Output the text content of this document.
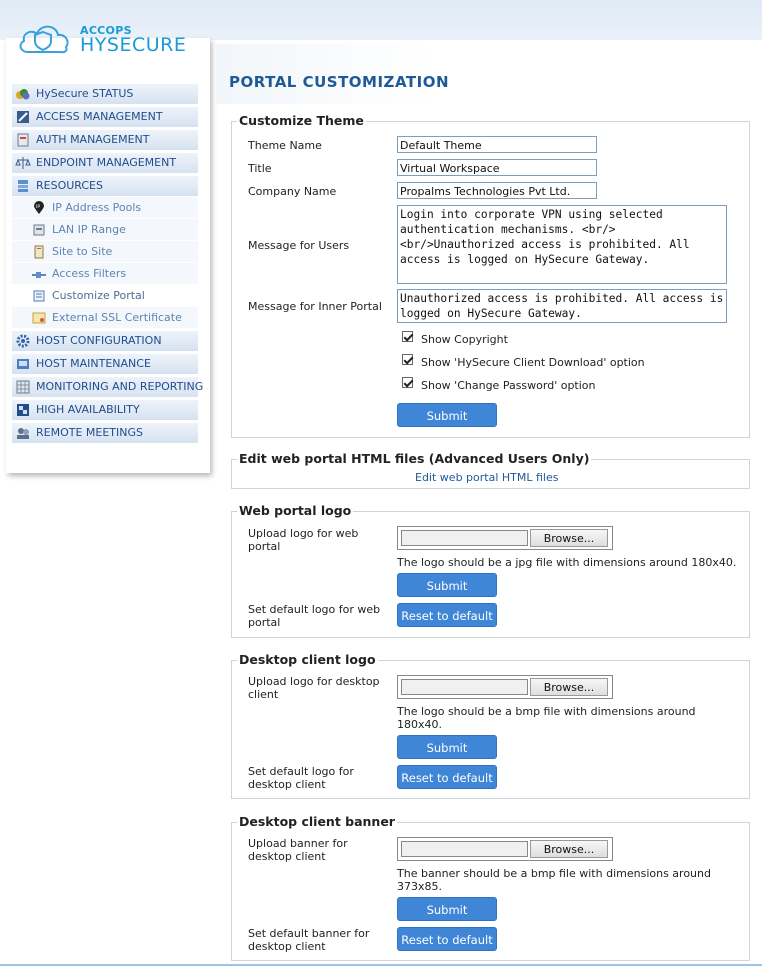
ACCOPS
HYSECURE
HySecure STATUS
ACCESS MANAGEMENT
AUTH MANAGEMENT
ENDPOINT MANAGEMENT
RESOURCES
IP IP Address Pools
LAN IP Range
Site to Site
Access Filters
Customize Portal
External SSL Certificate
HOST CONFIGURATION
HOST MAINTENANCE
MONITORING AND REPORTING
HIGH AVAILABILITY
REMOTE MEETINGS
PORTAL CUSTOMIZATION
Customize Theme
Theme Name	Default Theme
Title	Virtual Workspace
Company Name	Propalms Technologies Pvt Ltd.
Message for Users
Login into corporate VPN using selected authentication mechanisms. <br/><br/>Unauthorized access is prohibited. All access is logged on HySecure Gateway.
Message for Inner Portal
Unauthorized access is prohibited. All access is logged on HySecure Gateway.
Show Copyright
Show 'HySecure Client Download' option
Show 'Change Password' option
Submit
Edit web portal HTML files (Advanced Users Only)
Edit web portal HTML files
Web portal logo
Upload logo for web portal
Browse...
The logo should be a jpg file with dimensions around 180x40.
Submit
Set default logo for web portal	Reset to default
Desktop client logo
Upload logo for desktop client
Browse...
The logo should be a bmp file with dimensions around 180x40.
Submit
Set default logo for desktop client	Reset to default
Desktop client banner
Upload banner for desktop client
Browse...
The banner should be a bmp file with dimensions around 373x85.
Submit
Set default banner for desktop client	Reset to default
